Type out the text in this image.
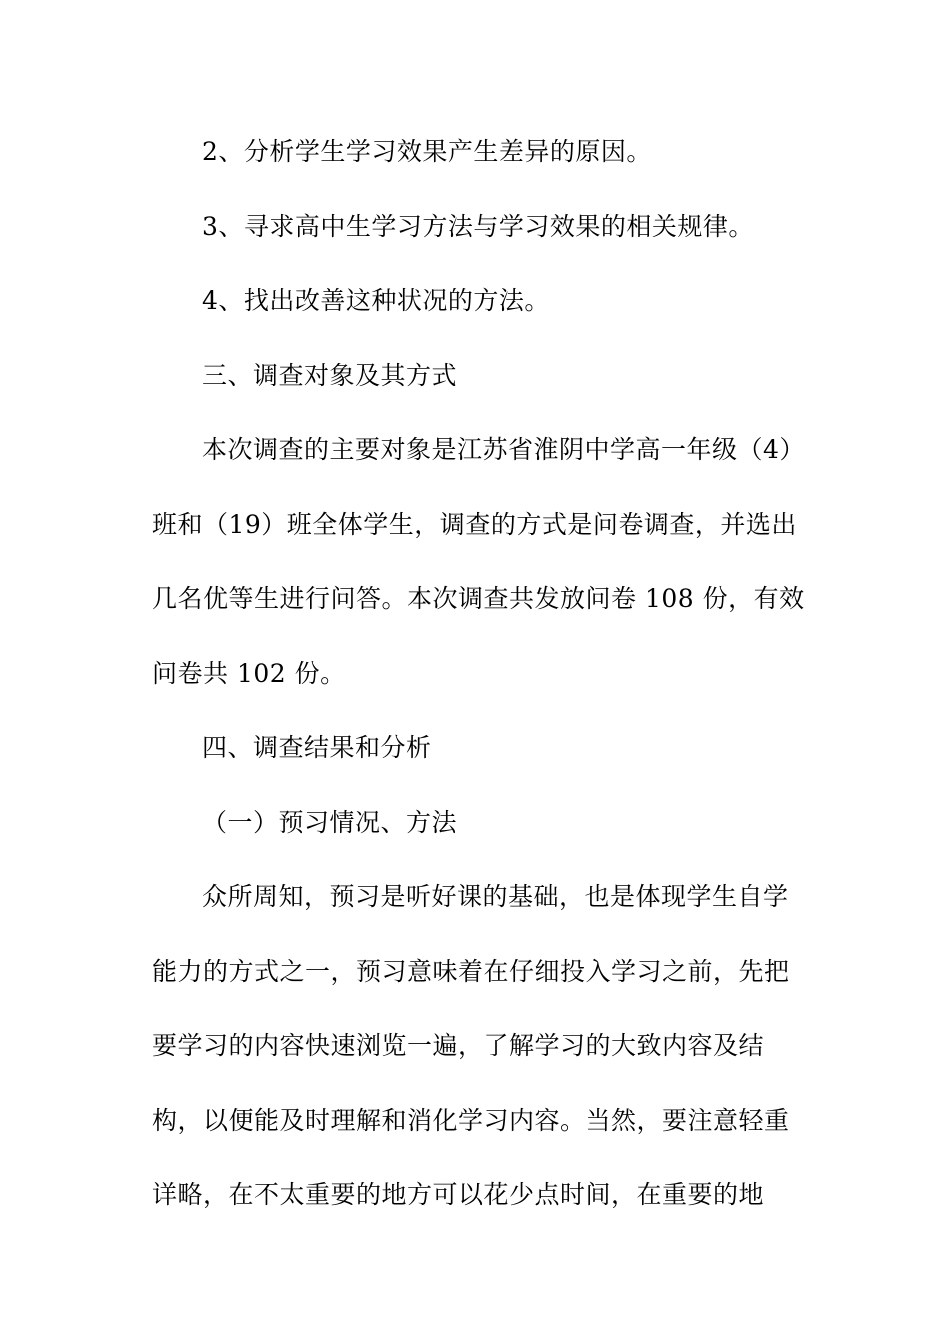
2、分析学生学习效果产生差异的原因。
3、寻求高中生学习方法与学习效果的相关规律。
4、找出改善这种状况的方法。
三、调查对象及其方式
本次调查的主要对象是江苏省淮阴中学高一年级（4）
班和（19）班全体学生，调查的方式是问卷调查，并选出
几名优等生进行问答。本次调查共发放问卷 108 份，有效
问卷共 102 份。
四、调查结果和分析
（一）预习情况、方法
众所周知，预习是听好课的基础，也是体现学生自学
能力的方式之一，预习意味着在仔细投入学习之前，先把
要学习的内容快速浏览一遍，了解学习的大致内容及结
构，以便能及时理解和消化学习内容。当然，要注意轻重
详略，在不太重要的地方可以花少点时间，在重要的地
